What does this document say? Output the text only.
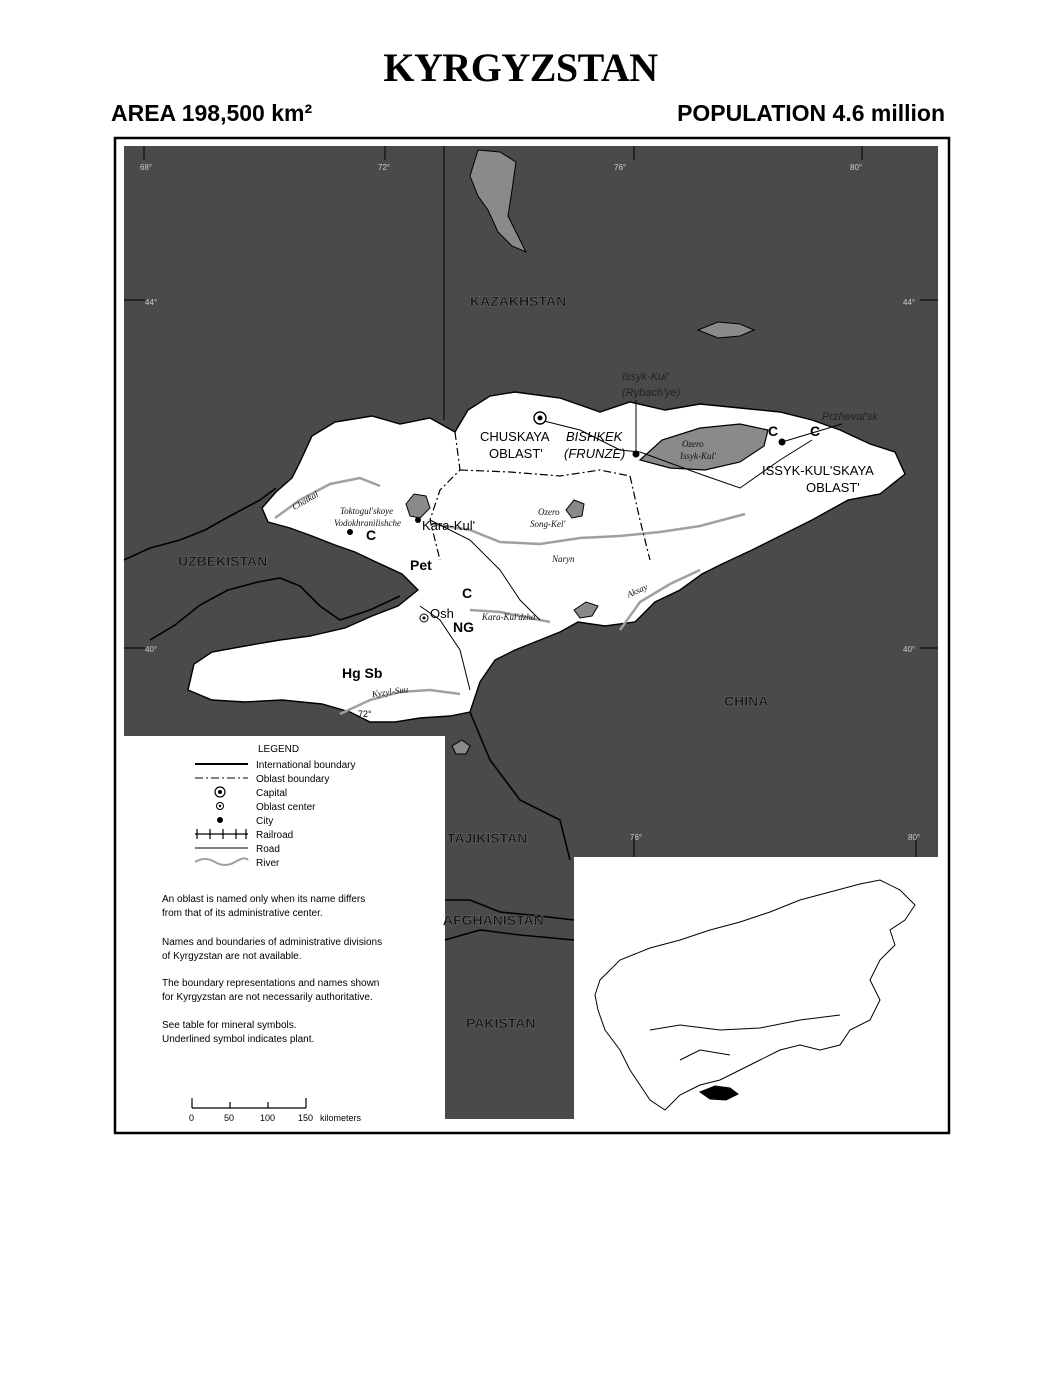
KYRGYZSTAN
AREA 198,500 km²	POPULATION 4.6 million
68°	72°	76°	80°
44°	44°
40°	40°
76°	80°
72°
KAZAKHSTAN
UZBEKISTAN
CHINA
TAJIKISTAN
AFGHANISTAN
PAKISTAN
CHUSKAYA
OBLAST'
ISSYK-KUL'SKAYA
OBLAST'
BISHKEK
(FRUNZE)
Issyk-Kul'
(Rybach'ye)
Przheval'sk
Osh
Kara-Kul'
Ozero
Issyk-Kul'
Ozero
Song-Kel'
Toktogul'skoye
Vodokhranilishche
Chatkal
Naryn
Aksay
Kara-Kul'dzha
Kyzyl-Suu
C
C
C
C
Pet
NG
Hg Sb
LEGEND
International boundary
Oblast boundary
Capital
Oblast center
City
Railroad
Road
River
An oblast is named only when its name differs
from that of its administrative center.
Names and boundaries of administrative divisions
of Kyrgyzstan are not available.
The boundary representations and names shown
for Kyrgyzstan are not necessarily authoritative.
See table for mineral symbols.
Underlined symbol indicates plant.
0	50	100	150 kilometers
